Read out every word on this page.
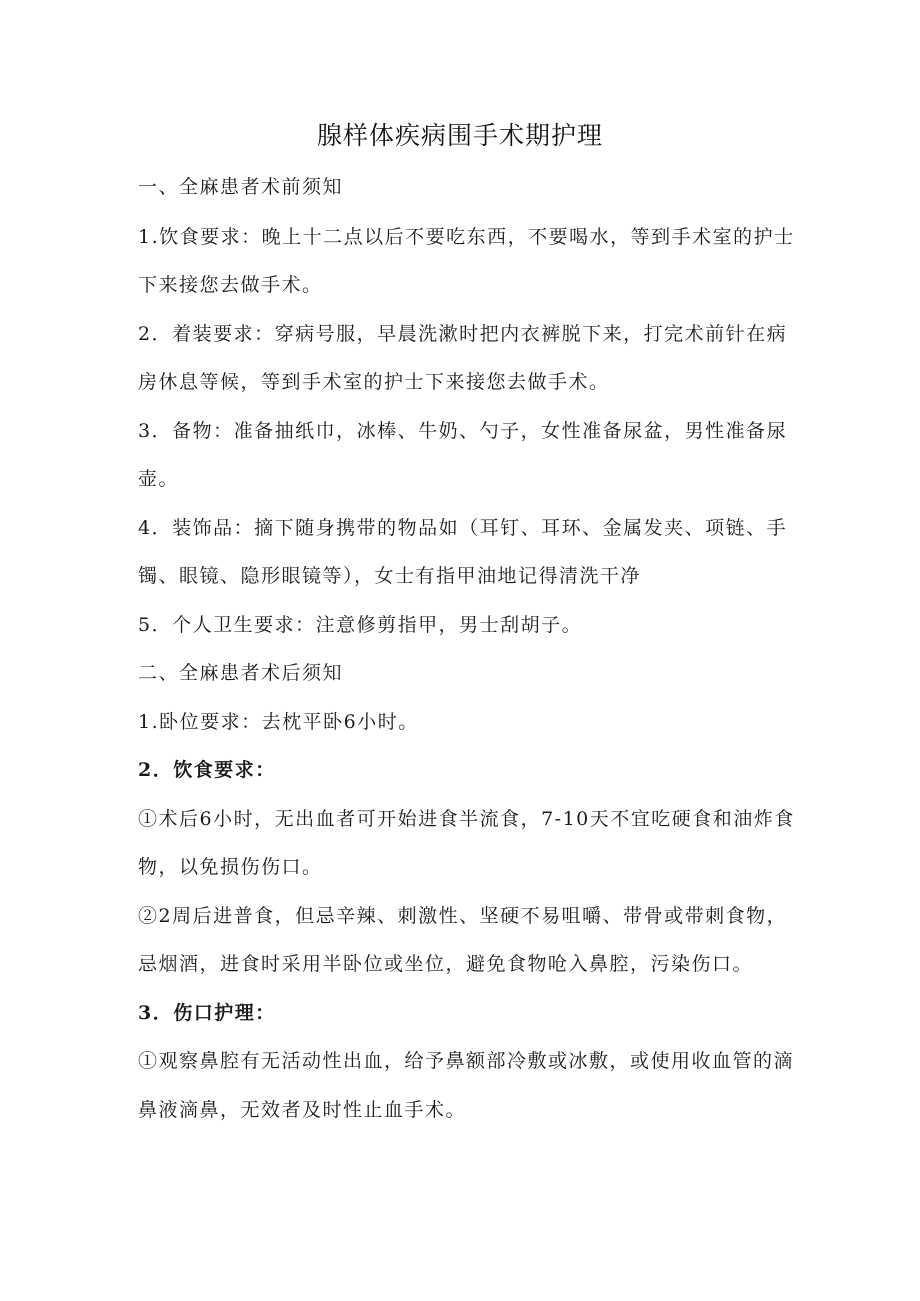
腺样体疾病围手术期护理
一、全麻患者术前须知
1.饮食要求：晚上十二点以后不要吃东西，不要喝水，等到手术室的护士
下来接您去做手术。
2．着装要求：穿病号服，早晨洗漱时把内衣裤脱下来，打完术前针在病
房休息等候，等到手术室的护士下来接您去做手术。
3．备物：准备抽纸巾，冰棒、牛奶、勺子，女性准备尿盆，男性准备尿
壶。
4．装饰品：摘下随身携带的物品如（耳钉、耳环、金属发夹、项链、手
镯、眼镜、隐形眼镜等），女士有指甲油地记得清洗干净
5．个人卫生要求：注意修剪指甲，男士刮胡子。
二、全麻患者术后须知
1.卧位要求：去枕平卧6小时。
2．饮食要求：
①术后6小时，无出血者可开始进食半流食，7-10天不宜吃硬食和油炸食
物，以免损伤伤口。
②2周后进普食，但忌辛辣、刺激性、坚硬不易咀嚼、带骨或带刺食物，
忌烟酒，进食时采用半卧位或坐位，避免食物呛入鼻腔，污染伤口。
3．伤口护理：
①观察鼻腔有无活动性出血，给予鼻额部冷敷或冰敷，或使用收血管的滴
鼻液滴鼻，无效者及时性止血手术。
